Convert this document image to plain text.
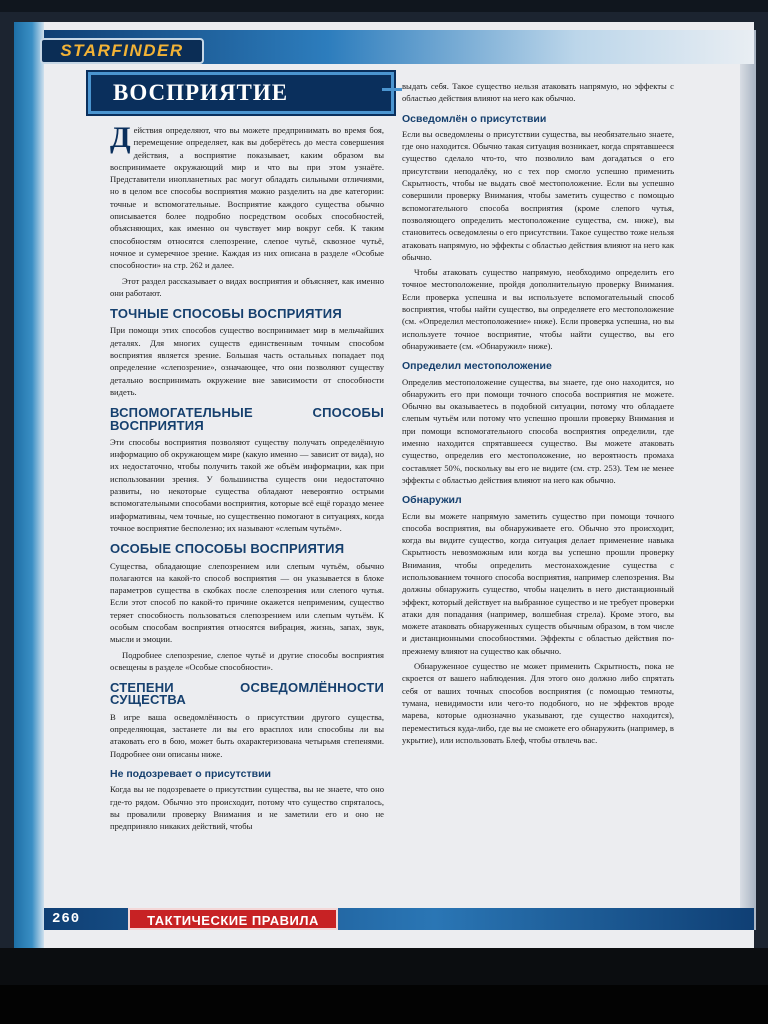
STARFINDER
ВОСПРИЯТИЕ

Действия определяют, что вы можете предпринимать во время боя, перемещение определяет, как вы доберётесь до места совершения действия, а восприятие показывает, каким образом вы воспринимаете окружающий мир и что вы при этом узнаёте. Представители инопланетных рас могут обладать сильными отличиями, но в целом все способы восприятия можно разделить на две категории: точные и вспомогательные. Восприятие каждого существа обычно описывается более подробно посредством особых способностей, объясняющих, как именно он чувствует мир вокруг себя. К таким способностям относятся слепозрение, слепое чутьё, сквозное чутьё, ночное и сумеречное зрение. Каждая из них описана в разделе «Особые способности» на стр. 262 и далее.

Этот раздел рассказывает о видах восприятия и объясняет, как именно они работают.

ТОЧНЫЕ СПОСОБЫ ВОСПРИЯТИЯ

При помощи этих способов существо воспринимает мир в мельчайших деталях. Для многих существ единственным точным способом восприятия является зрение. Большая часть остальных попадает под определение «слепозрение», означающее, что они позволяют существу детально воспринимать окружение вне зависимости от способности видеть.

ВСПОМОГАТЕЛЬНЫЕ СПОСОБЫ ВОСПРИЯТИЯ

Эти способы восприятия позволяют существу получать определённую информацию об окружающем мире (какую именно — зависит от вида), но их недостаточно, чтобы получить такой же объём информации, как при использовании зрения. У большинства существ они недостаточно развиты, но некоторые существа обладают невероятно острыми вспомогательными способами восприятия, которые всё ещё гораздо менее информативны, чем точные, но существенно помогают в ситуациях, когда точное восприятие бесполезно; их называют «слепым чутьём».

ОСОБЫЕ СПОСОБЫ ВОСПРИЯТИЯ

Существа, обладающие слепозрением или слепым чутьём, обычно полагаются на какой-то способ восприятия — он указывается в блоке параметров существа в скобках после слепозрения или слепого чутья. Если этот способ по какой-то причине окажется неприменим, существо теряет способность пользоваться слепозрением или слепым чутьём. К особым способам восприятия относятся вибрация, жизнь, запах, звук, мысли и эмоции.

Подробнее слепозрение, слепое чутьё и другие способы восприятия освещены в разделе «Особые способности».

СТЕПЕНИ ОСВЕДОМЛЁННОСТИ СУЩЕСТВА

В игре ваша осведомлённость о присутствии другого существа, определяющая, застанете ли вы его врасплох или способны ли вы атаковать его в бою, может быть охарактеризована четырьмя степенями. Подробнее они описаны ниже.

Не подозревает о присутствии

Когда вы не подозреваете о присутствии существа, вы не знаете, что оно где-то рядом. Обычно это происходит, потому что существо спряталось, вы провалили проверку Внимания и не заметили его и оно не предприняло никаких действий, чтобы

выдать себя. Такое существо нельзя атаковать напрямую, но эффекты с областью действия влияют на него как обычно.

Осведомлён о присутствии

Если вы осведомлены о присутствии существа, вы необязательно знаете, где оно находится. Обычно такая ситуация возникает, когда спрятавшееся существо сделало что-то, что позволило вам догадаться о его присутствии неподалёку, но с тех пор смогло успешно применить Скрытность, чтобы не выдать своё местоположение. Если вы успешно совершили проверку Внимания, чтобы заметить существо с помощью вспомогательного способа восприятия (кроме слепого чутья, позволяющего определить местоположение существа, см. ниже), вы становитесь осведомлены о его присутствии. Такое существо тоже нельзя атаковать напрямую, но эффекты с областью действия влияют на него как обычно.

Чтобы атаковать существо напрямую, необходимо определить его точное местоположение, пройдя дополнительную проверку Внимания. Если проверка успешна и вы используете вспомогательный способ восприятия, чтобы найти существо, вы определяете его местоположение (см. «Определил местоположение» ниже). Если проверка успешна, но вы используете точное восприятие, чтобы найти существо, вы его обнаруживаете (см. «Обнаружил» ниже).

Определил местоположение

Определив местоположение существа, вы знаете, где оно находится, но обнаружить его при помощи точного способа восприятия не можете. Обычно вы оказываетесь в подобной ситуации, потому что обладаете слепым чутьём или потому что успешно прошли проверку Внимания и при помощи вспомогательного способа восприятия определили, где именно находится спрятавшееся существо. Вы можете атаковать существо, определив его местоположение, но вероятность промаха составляет 50%, поскольку вы его не видите (см. стр. 253). Тем не менее эффекты с областью действия влияют на него как обычно.

Обнаружил

Если вы можете напрямую заметить существо при помощи точного способа восприятия, вы обнаруживаете его. Обычно это происходит, когда вы видите существо, когда ситуация делает применение навыка Скрытность невозможным или когда вы успешно прошли проверку Внимания, чтобы определить местонахождение существа с использованием точного способа восприятия, например слепозрения. Вы должны обнаружить существо, чтобы нацелить в него дистанционный эффект, который действует на выбранное существо и не требует проверки атаки для попадания (например, волшебная стрела). Кроме этого, вы можете атаковать обнаруженных существ обычным образом, в том числе и дистанционными способностями. Эффекты с областью действия по-прежнему влияют на существо как обычно.

Обнаруженное существо не может применить Скрытность, пока не скроется от вашего наблюдения. Для этого оно должно либо спрятать себя от ваших точных способов восприятия (с помощью темноты, тумана, невидимости или чего-то подобного, но не эффектов вроде марева, которые однозначно указывают, где существо находится), переместиться куда-либо, где вы не сможете его обнаружить (например, в укрытие), или использовать Блеф, чтобы отвлечь вас.

260	ТАКТИЧЕСКИЕ ПРАВИЛА
